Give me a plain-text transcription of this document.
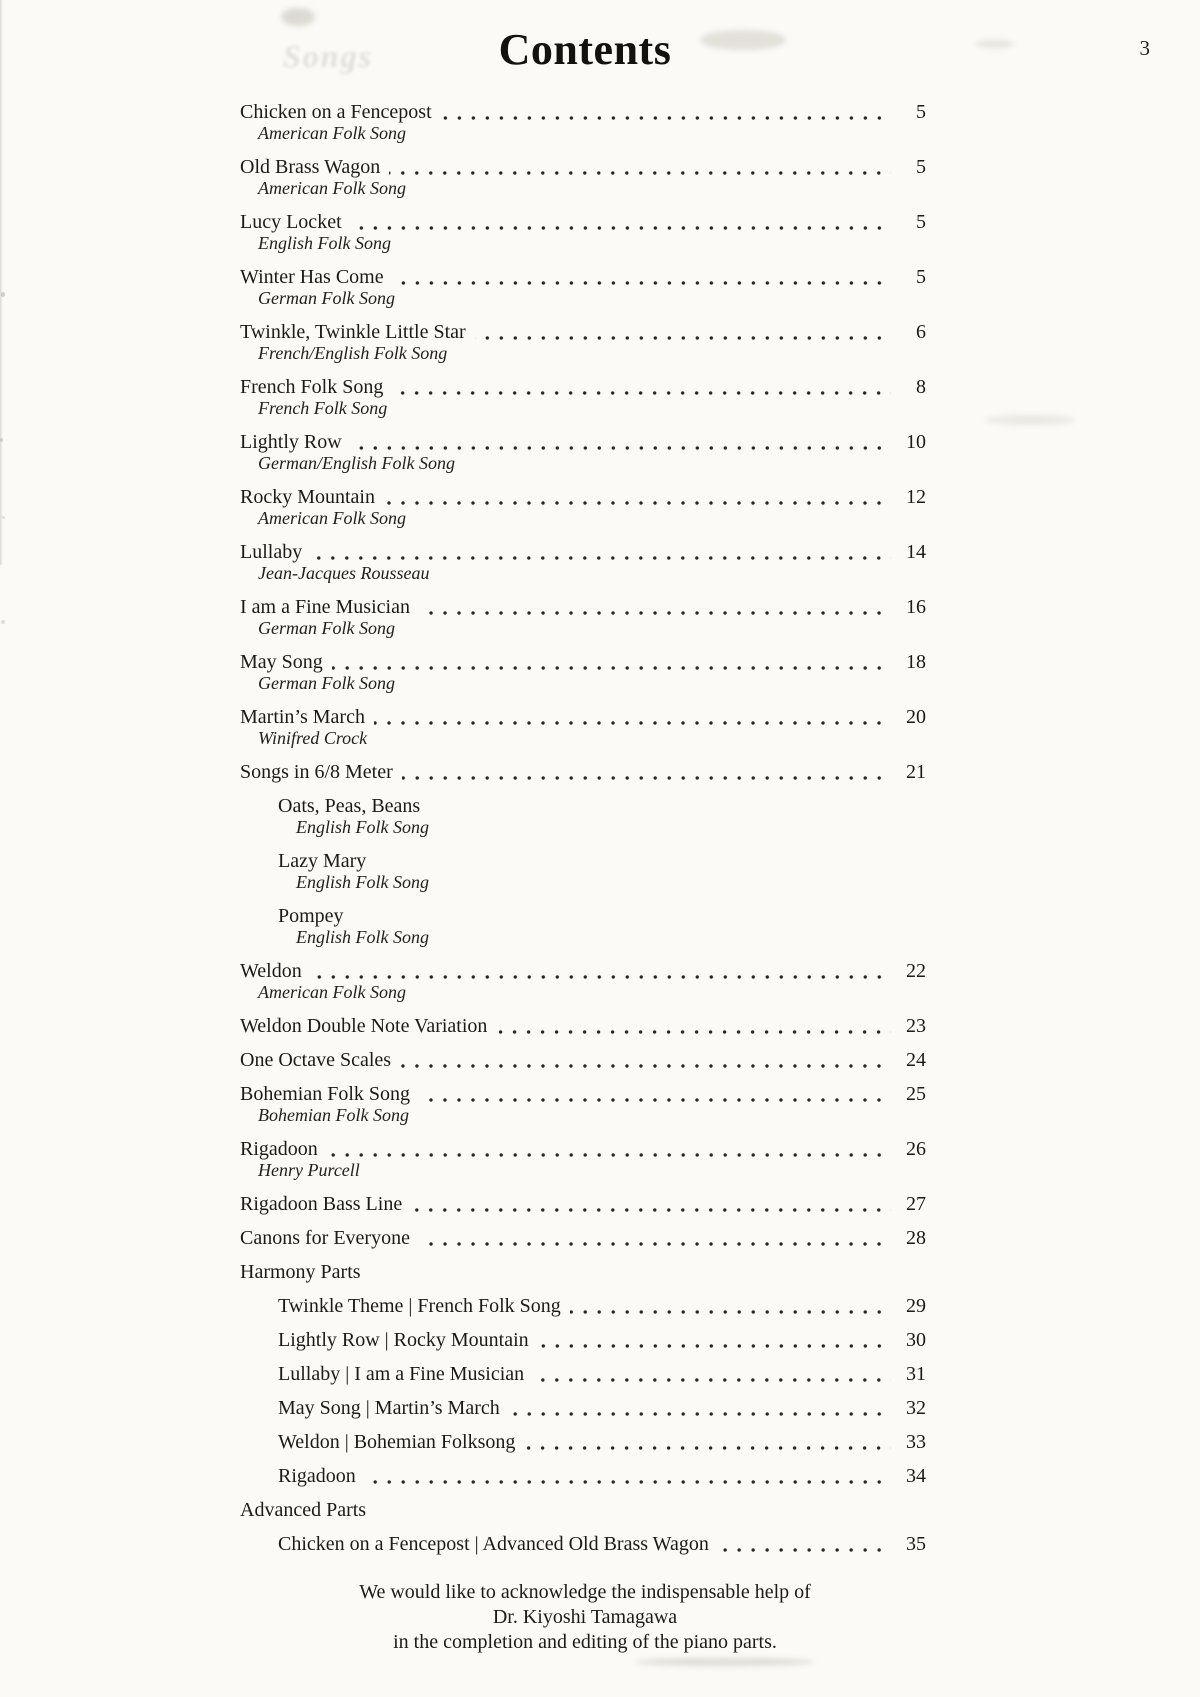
Songs	Contents	3
Chicken on a Fencepost	5
American Folk Song
Old Brass Wagon	5
American Folk Song
Lucy Locket	5
English Folk Song
Winter Has Come	5
German Folk Song
Twinkle, Twinkle Little Star	6
French/English Folk Song
French Folk Song	8
French Folk Song
Lightly Row	10
German/English Folk Song
Rocky Mountain	12
American Folk Song
Lullaby	14
Jean-Jacques Rousseau
I am a Fine Musician	16
German Folk Song
May Song	18
German Folk Song
Martin’s March	20
Winifred Crock
Songs in 6/8 Meter	21
Oats, Peas, Beans
English Folk Song
Lazy Mary
English Folk Song
Pompey
English Folk Song
Weldon	22
American Folk Song
Weldon Double Note Variation	23
One Octave Scales	24
Bohemian Folk Song	25
Bohemian Folk Song
Rigadoon	26
Henry Purcell
Rigadoon Bass Line	27
Canons for Everyone	28
Harmony Parts
Twinkle Theme | French Folk Song	29
Lightly Row | Rocky Mountain	30
Lullaby | I am a Fine Musician	31
May Song | Martin’s March	32
Weldon | Bohemian Folksong	33
Rigadoon	34
Advanced Parts
Chicken on a Fencepost | Advanced Old Brass Wagon	35
We would like to acknowledge the indispensable help of
Dr. Kiyoshi Tamagawa
in the completion and editing of the piano parts.
